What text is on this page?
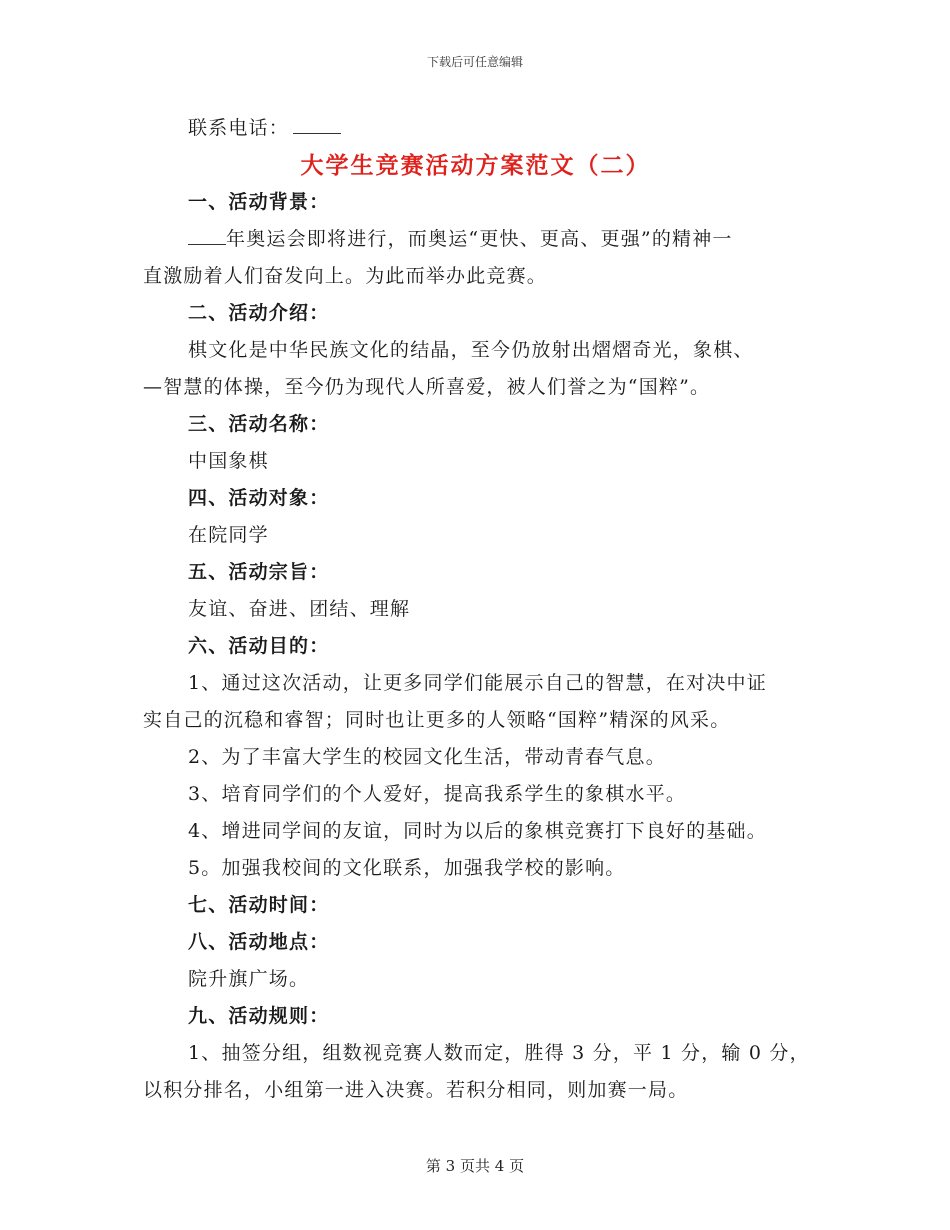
下载后可任意编辑
联系电话：
大学生竞赛活动方案范文（二）
一、活动背景：
年奥运会即将进行，而奥运“更快、更高、更强”的精神一
直激励着人们奋发向上。为此而举办此竞赛。
二、活动介绍：
棋文化是中华民族文化的结晶，至今仍放射出熠熠奇光，象棋、
—智慧的体操，至今仍为现代人所喜爱，被人们誉之为“国粹”。
三、活动名称：
中国象棋
四、活动对象：
在院同学
五、活动宗旨：
友谊、奋进、团结、理解
六、活动目的：
1、通过这次活动，让更多同学们能展示自己的智慧，在对决中证
实自己的沉稳和睿智；同时也让更多的人领略“国粹”精深的风采。
2、为了丰富大学生的校园文化生活，带动青春气息。
3、培育同学们的个人爱好，提高我系学生的象棋水平。
4、增进同学间的友谊，同时为以后的象棋竞赛打下良好的基础。
5。加强我校间的文化联系，加强我学校的影响。
七、活动时间：
八、活动地点：
院升旗广场。
九、活动规则：
1、抽签分组，组数视竞赛人数而定，胜得 3 分，平 1 分，输 0 分，
以积分排名，小组第一进入决赛。若积分相同，则加赛一局。
第 3 页共 4 页
